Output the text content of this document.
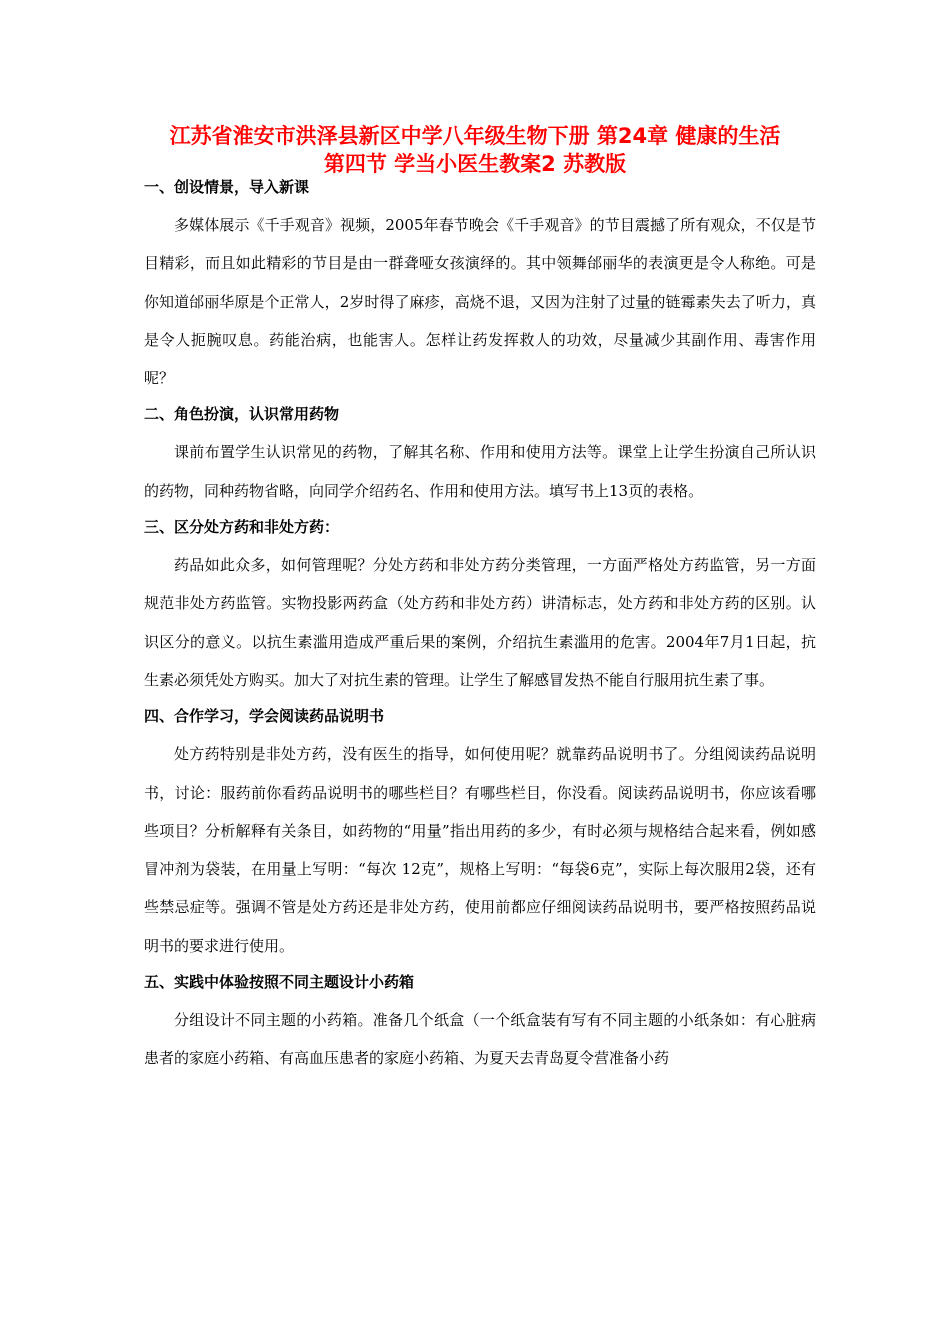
江苏省淮安市洪泽县新区中学八年级生物下册 第24章 健康的生活
第四节 学当小医生教案2 苏教版

一、创设情景，导入新课

多媒体展示《千手观音》视频，2005年春节晚会《千手观音》的节目震撼了所有观众，不仅是节目精彩，而且如此精彩的节目是由一群聋哑女孩演绎的。其中领舞邰丽华的表演更是令人称绝。可是你知道邰丽华原是个正常人，2岁时得了麻疹，高烧不退，又因为注射了过量的链霉素失去了听力，真是令人扼腕叹息。药能治病，也能害人。怎样让药发挥救人的功效，尽量减少其副作用、毒害作用呢？

二、角色扮演，认识常用药物

课前布置学生认识常见的药物，了解其名称、作用和使用方法等。课堂上让学生扮演自己所认识的药物，同种药物省略，向同学介绍药名、作用和使用方法。填写书上13页的表格。

三、区分处方药和非处方药：

药品如此众多，如何管理呢？分处方药和非处方药分类管理，一方面严格处方药监管，另一方面规范非处方药监管。实物投影两药盒（处方药和非处方药）讲清标志，处方药和非处方药的区别。认识区分的意义。以抗生素滥用造成严重后果的案例，介绍抗生素滥用的危害。2004年7月1日起，抗生素必须凭处方购买。加大了对抗生素的管理。让学生了解感冒发热不能自行服用抗生素了事。

四、合作学习，学会阅读药品说明书

处方药特别是非处方药，没有医生的指导，如何使用呢？就靠药品说明书了。分组阅读药品说明书，讨论：服药前你看药品说明书的哪些栏目？有哪些栏目，你没看。阅读药品说明书，你应该看哪些项目？分析解释有关条目，如药物的“用量”指出用药的多少，有时必须与规格结合起来看，例如感冒冲剂为袋装，在用量上写明：“每次 12克”，规格上写明：“每袋6克”，实际上每次服用2袋，还有些禁忌症等。强调不管是处方药还是非处方药，使用前都应仔细阅读药品说明书，要严格按照药品说明书的要求进行使用。

五、实践中体验按照不同主题设计小药箱

分组设计不同主题的小药箱。准备几个纸盒（一个纸盒装有写有不同主题的小纸条如：有心脏病患者的家庭小药箱、有高血压患者的家庭小药箱、为夏天去青岛夏令营准备小药
